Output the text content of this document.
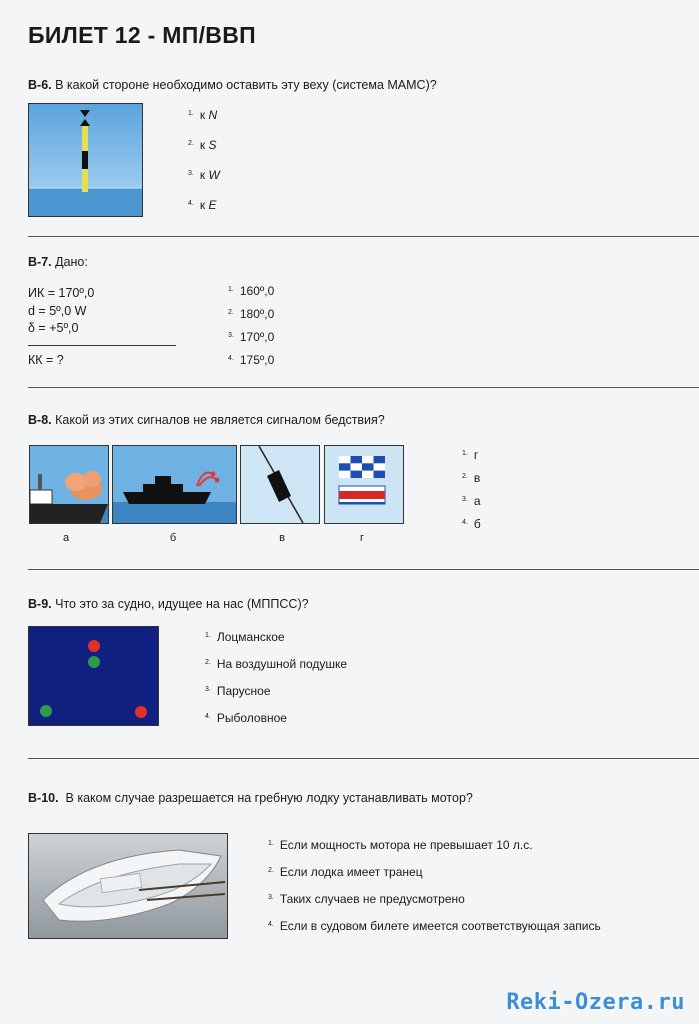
БИЛЕТ 12 - МП/ВВП
В-6. В какой стороне необходимо оставить эту веху (система МАМС)?
1. к
N
2. к
S
3. к
W
4. к
E
В-7. Дано:
ИК = 170º,0
d = 5º,0 W
δ = +5º,0
КК = ?
1. 160º,0
2. 180º,0
3. 170º,0
4. 175º,0
В-8. Какой из этих сигналов не является сигналом бедствия?
а	б	в	г
1. г
2. в
3. а
4. б
В-9. Что это за судно, идущее на нас (МППСС)?
1. Лоцманское
2. На воздушной подушке
3. Парусное
4. Рыболовное
В-10. В каком случае разрешается на гребную лодку устанавливать мотор?
1. Если мощность мотора не превышает 10 л.с.
2. Если лодка имеет транец
3. Таких случаев не предусмотрено
4. Если в судовом билете имеется соответствующая запись
Reki-Ozera.ru
